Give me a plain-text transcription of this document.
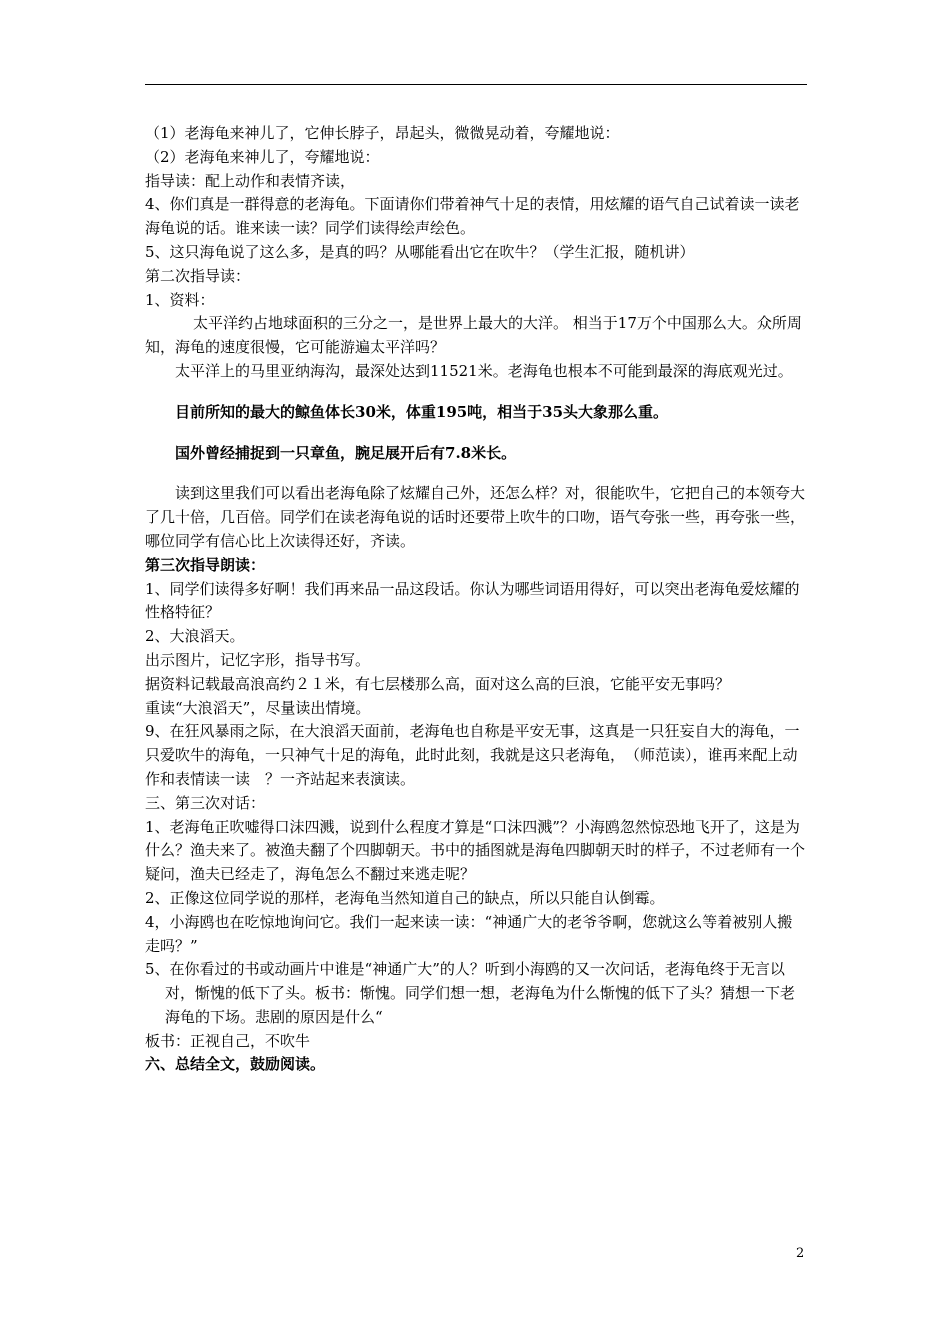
（1）老海龟来神儿了，它伸长脖子，昂起头，微微晃动着，夸耀地说：

（2）老海龟来神儿了，夸耀地说：

指导读：配上动作和表情齐读，

4、你们真是一群得意的老海龟。下面请你们带着神气十足的表情，用炫耀的语气自己试着读一读老海龟说的话。谁来读一读？同学们读得绘声绘色。

5、这只海龟说了这么多，是真的吗？从哪能看出它在吹牛？（学生汇报，随机讲）

第二次指导读：

1、资料：

太平洋约占地球面积的三分之一，是世界上最大的大洋。 相当于17万个中国那么大。众所周知，海龟的速度很慢，它可能游遍太平洋吗？

太平洋上的马里亚纳海沟，最深处达到11521米。老海龟也根本不可能到最深的海底观光过。

目前所知的最大的鲸鱼体长30米，体重195吨，相当于35头大象那么重。

国外曾经捕捉到一只章鱼，腕足展开后有7.8米长。

读到这里我们可以看出老海龟除了炫耀自己外，还怎么样？对，很能吹牛，它把自己的本领夸大了几十倍，几百倍。同学们在读老海龟说的话时还要带上吹牛的口吻，语气夸张一些，再夸张一些，哪位同学有信心比上次读得还好，齐读。

第三次指导朗读：

1、同学们读得多好啊！我们再来品一品这段话。你认为哪些词语用得好，可以突出老海龟爱炫耀的性格特征？

2、大浪滔天。

出示图片，记忆字形，指导书写。

据资料记载最高浪高约２１米，有七层楼那么高，面对这么高的巨浪，它能平安无事吗？

重读“大浪滔天”，尽量读出情境。

9、在狂风暴雨之际，在大浪滔天面前，老海龟也自称是平安无事，这真是一只狂妄自大的海龟，一只爱吹牛的海龟，一只神气十足的海龟，此时此刻，我就是这只老海龟，　（师范读），谁再来配上动作和表情读一读　？一齐站起来表演读。

三、第三次对话：

1、老海龟正吹嘘得口沫四溅，说到什么程度才算是“口沫四溅”？小海鸥忽然惊恐地飞开了，这是为什么？渔夫来了。被渔夫翻了个四脚朝天。书中的插图就是海龟四脚朝天时的样子，不过老师有一个疑问，渔夫已经走了，海龟怎么不翻过来逃走呢？

2、正像这位同学说的那样，老海龟当然知道自己的缺点，所以只能自认倒霉。

4，小海鸥也在吃惊地询问它。我们一起来读一读：“神通广大的老爷爷啊，您就这么等着被别人搬走吗？”

5、在你看过的书或动画片中谁是“神通广大”的人？听到小海鸥的又一次问话，老海龟终于无言以对，惭愧的低下了头。板书：惭愧。同学们想一想，老海龟为什么惭愧的低下了头？猜想一下老海龟的下场。悲剧的原因是什么“

板书：正视自己，不吹牛

六、总结全文，鼓励阅读。

2
